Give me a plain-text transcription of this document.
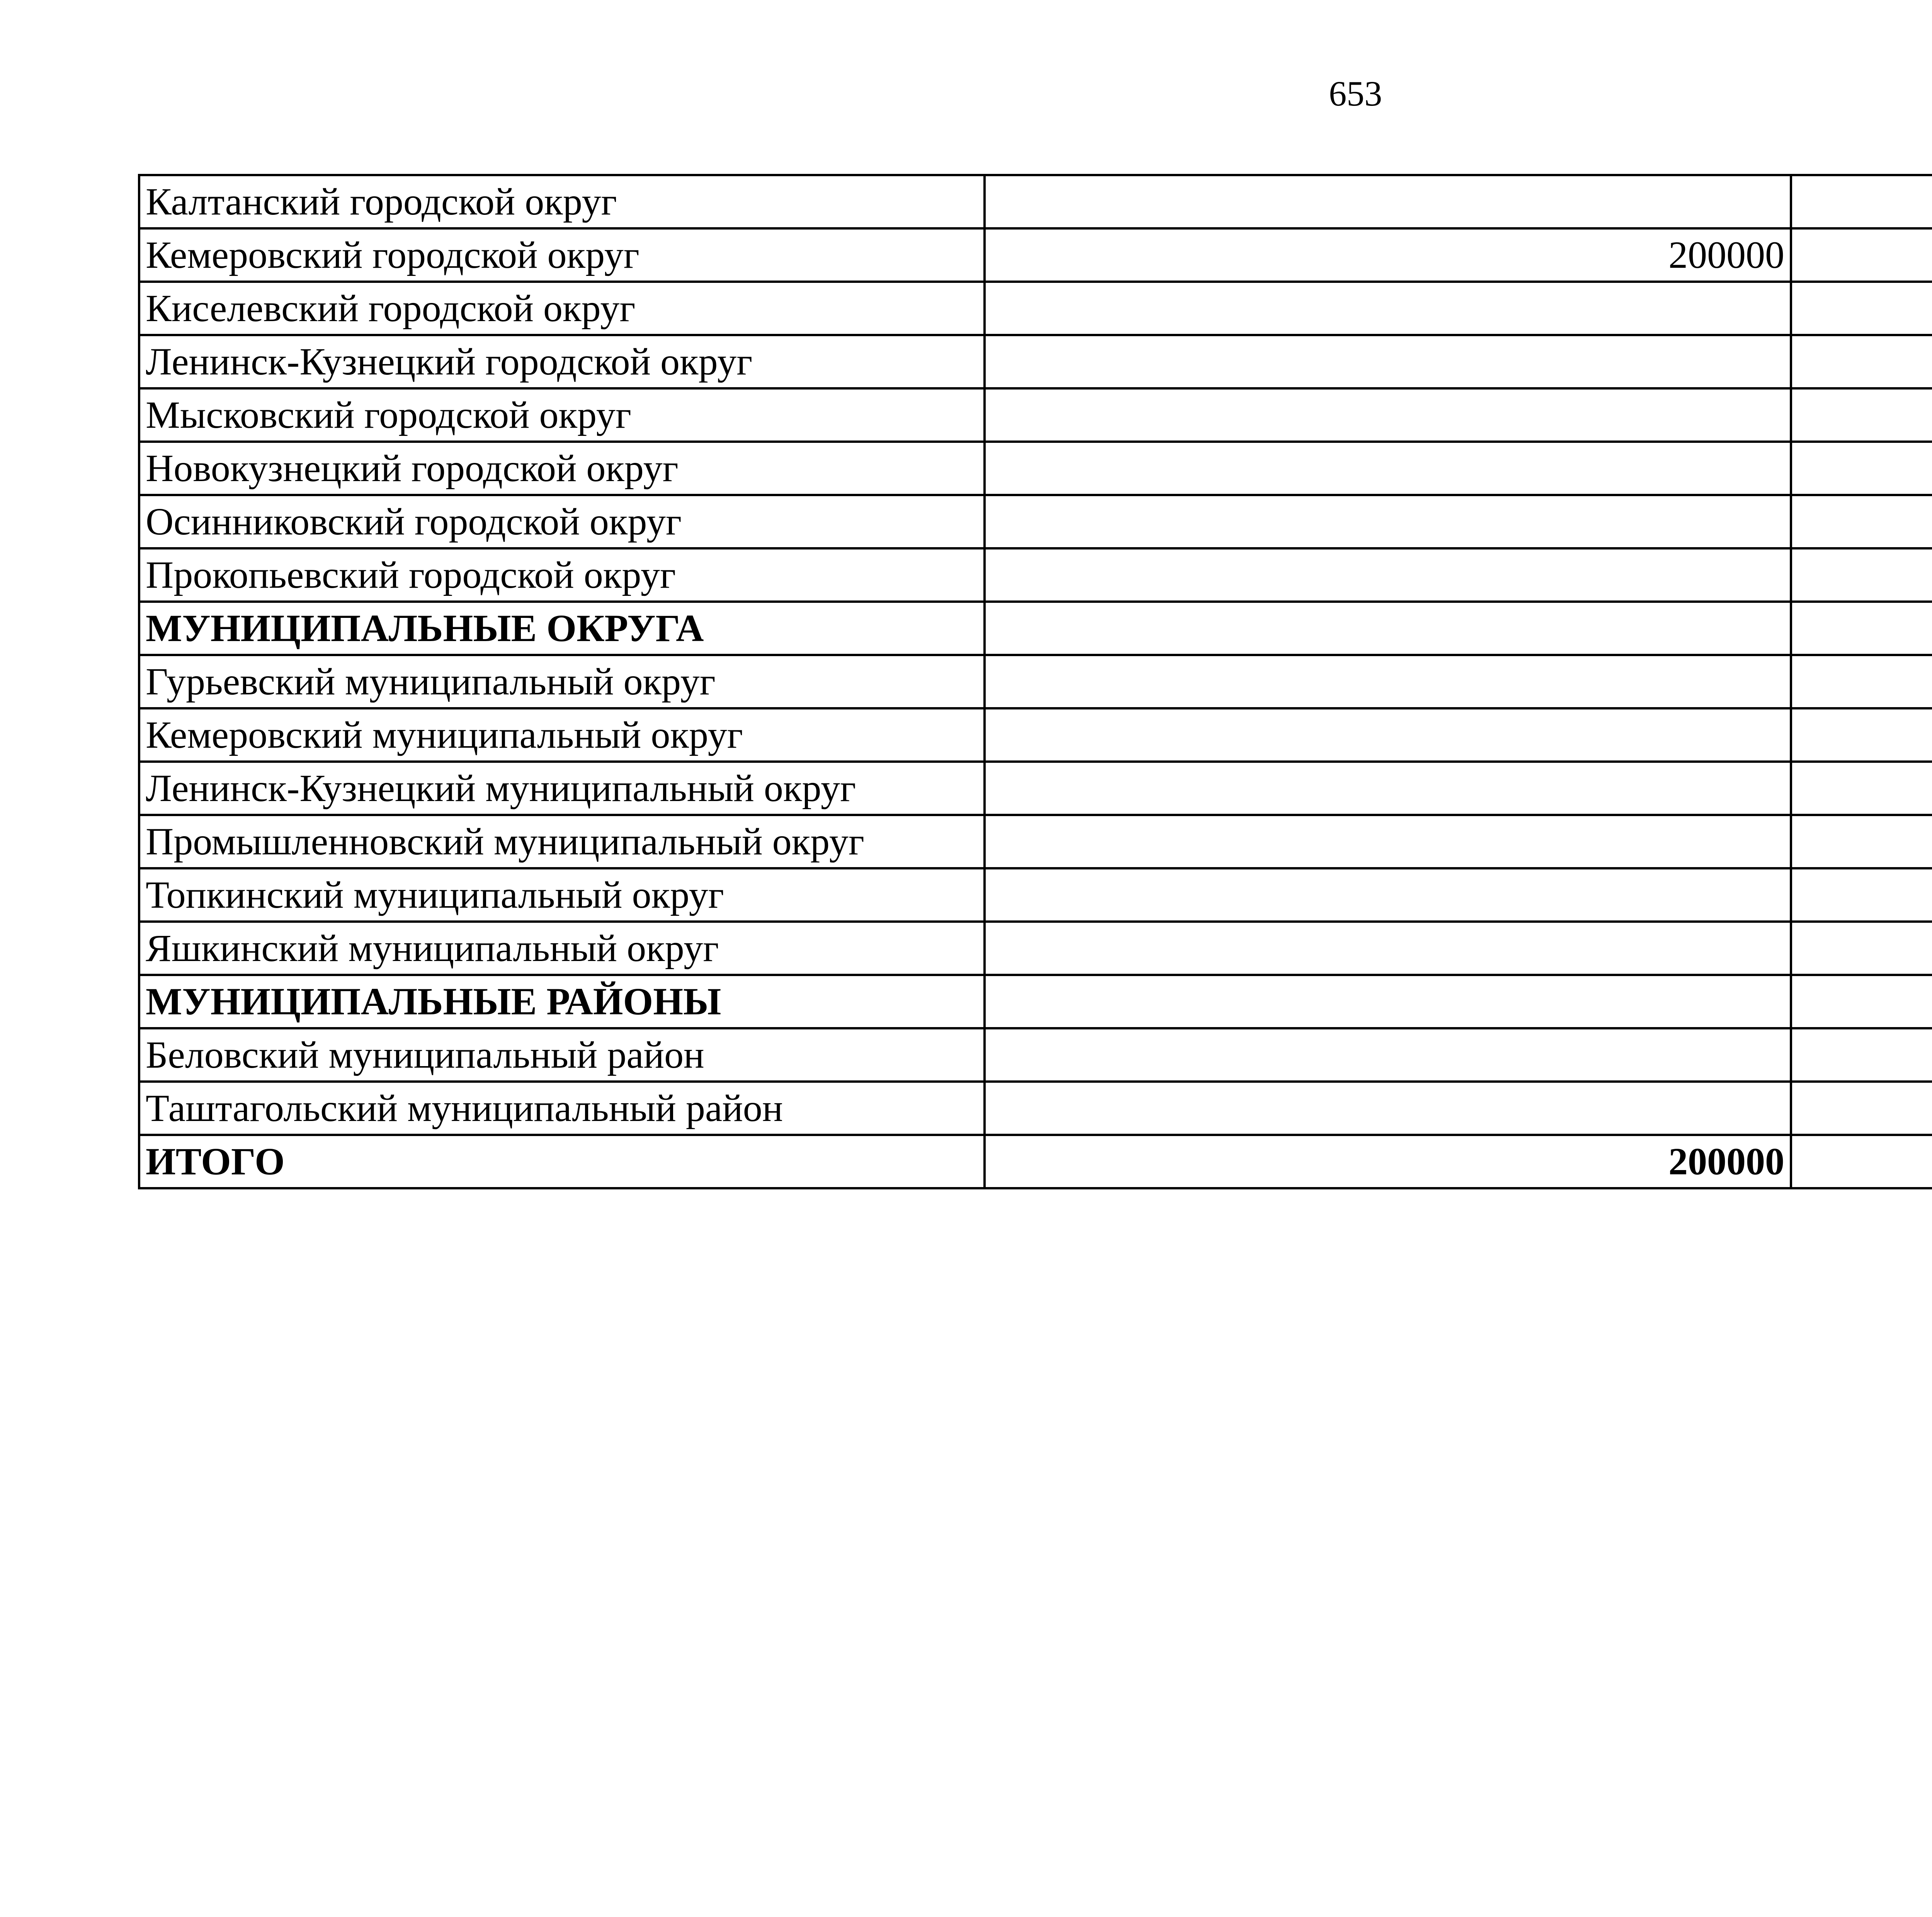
653
Калтанский городской округ			
Кемеровский городской округ	200000		
Киселевский городской округ			
Ленинск-Кузнецкий городской округ			
Мысковский городской округ			
Новокузнецкий городской округ			
Осинниковский городской округ			
Прокопьевский городской округ			
МУНИЦИПАЛЬНЫЕ ОКРУГА			
Гурьевский муниципальный округ			
Кемеровский муниципальный округ			
Ленинск-Кузнецкий муниципальный округ			
Промышленновский муниципальный округ			
Топкинский муниципальный округ			
Яшкинский муниципальный округ			
МУНИЦИПАЛЬНЫЕ РАЙОНЫ			
Беловский муниципальный район			
Таштагольский муниципальный район			
ИТОГО	200000		
